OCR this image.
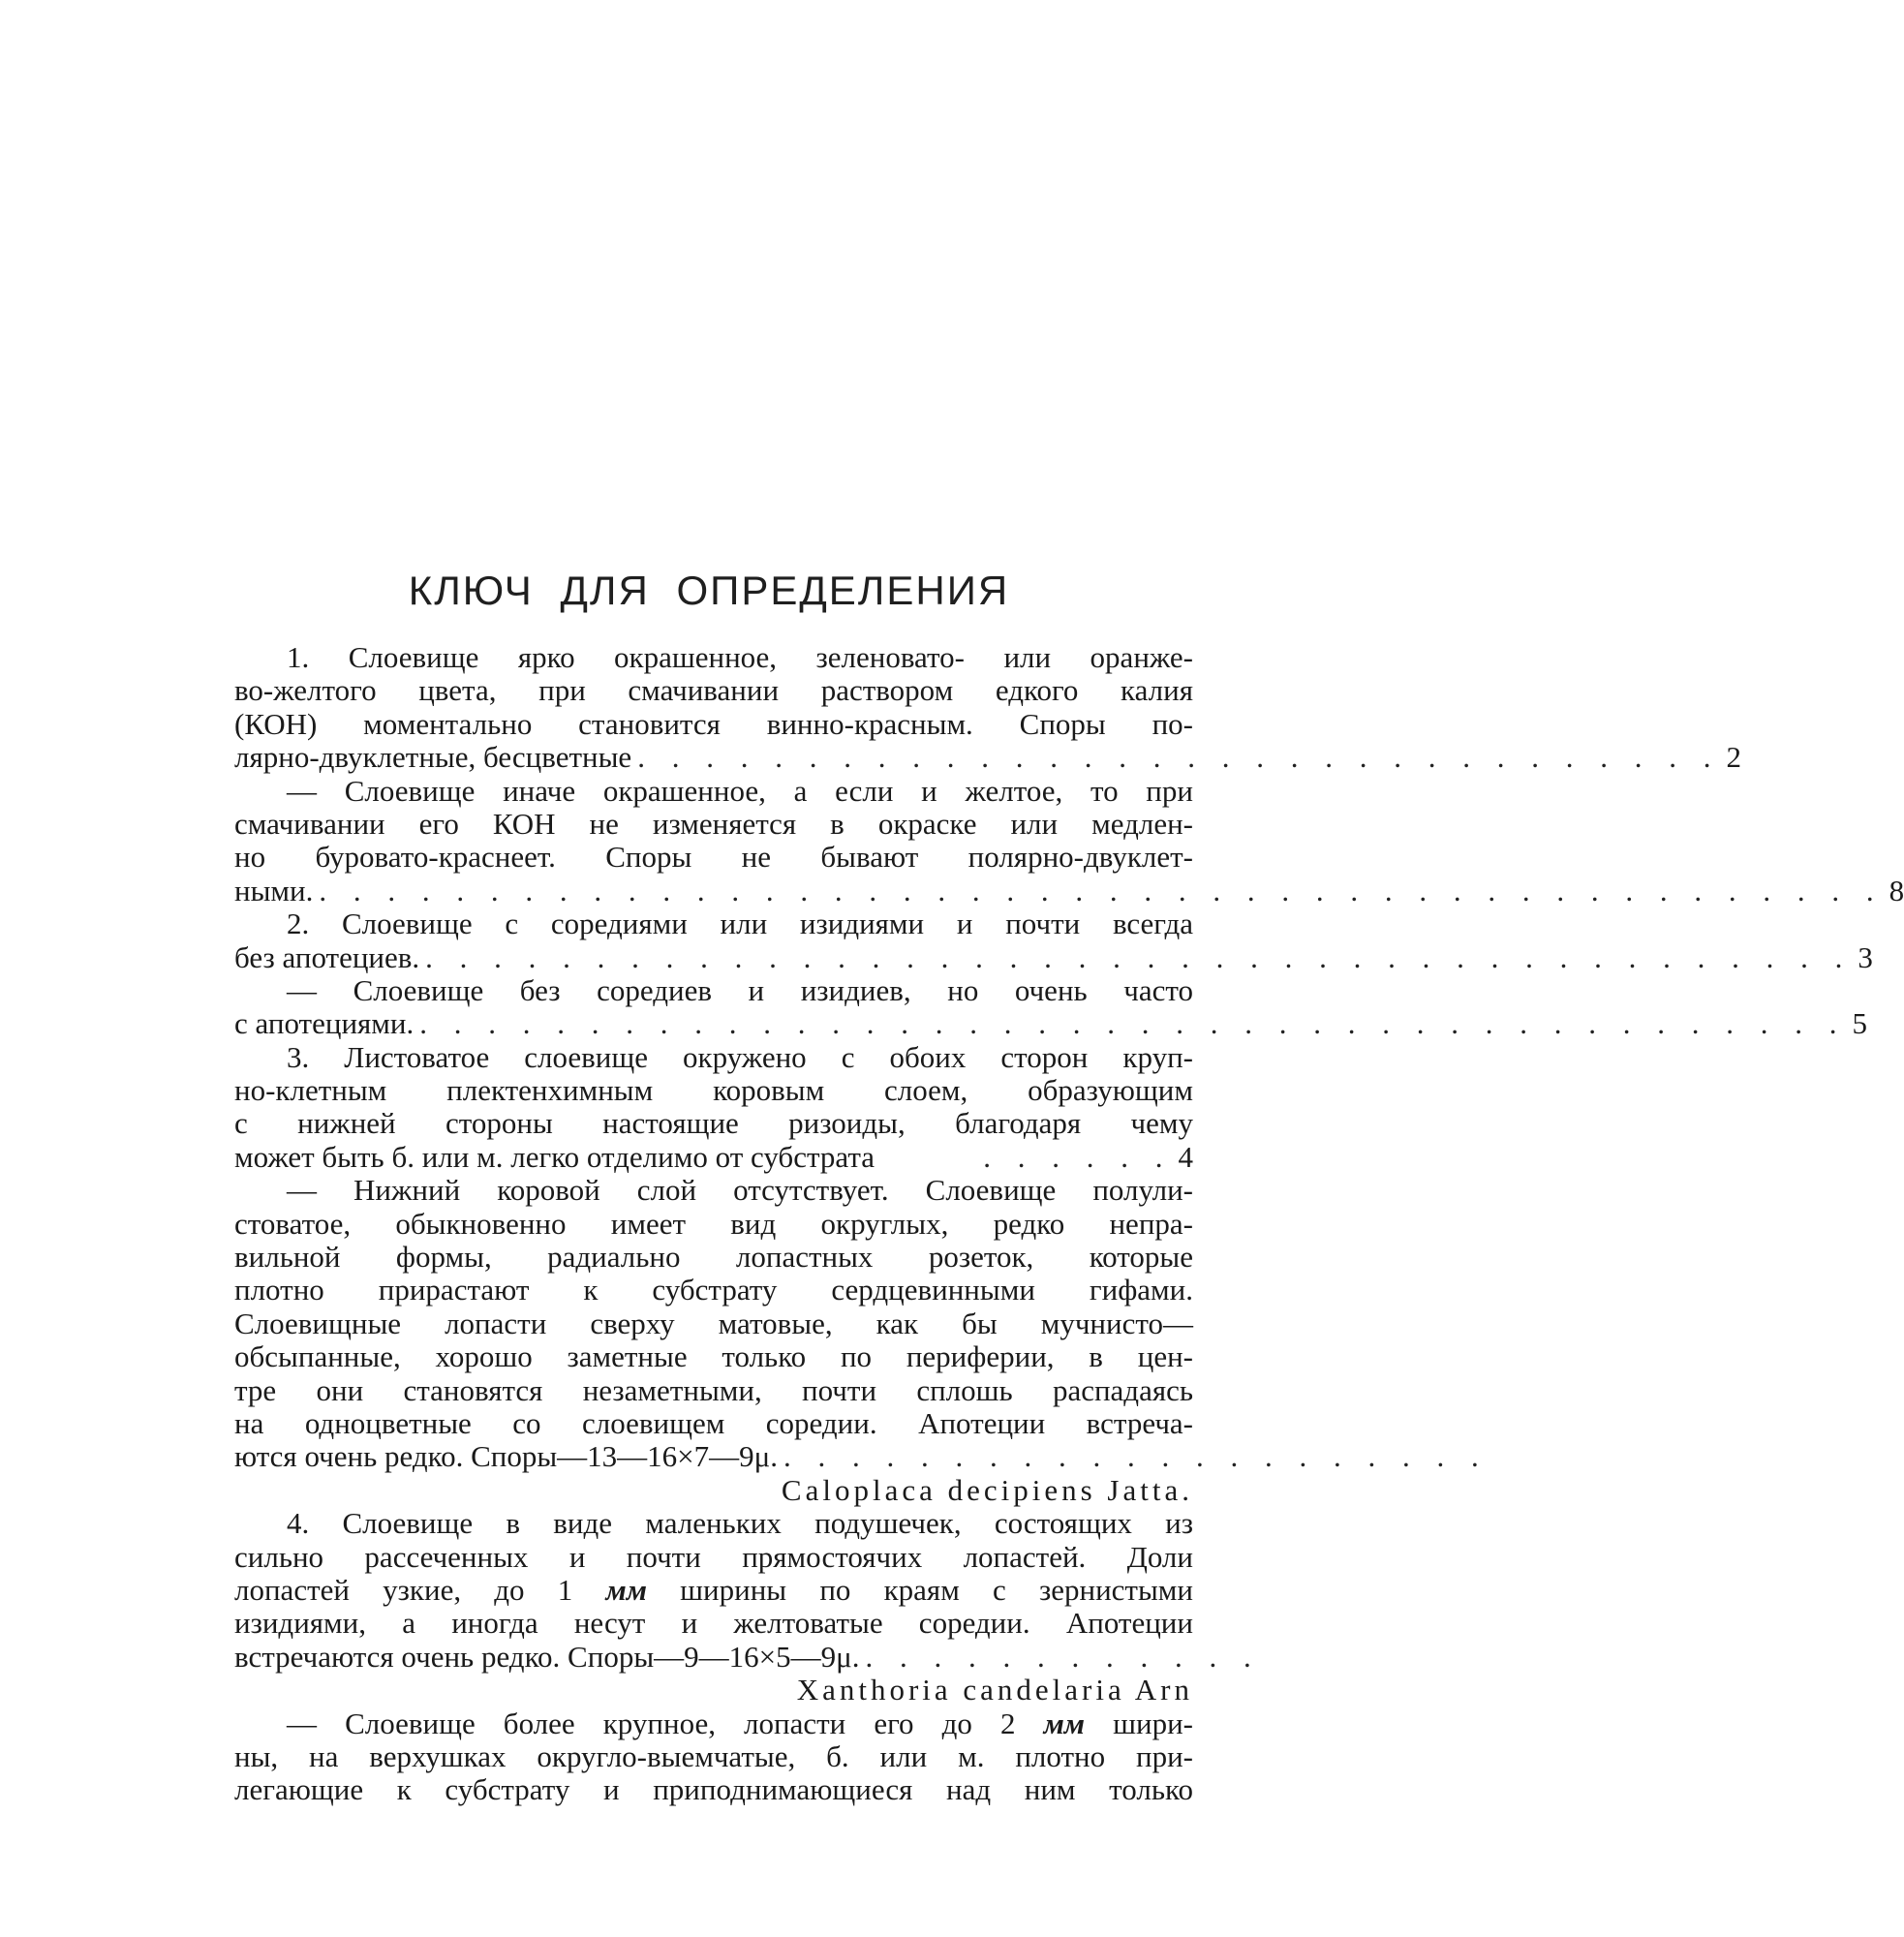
КЛЮЧ ДЛЯ ОПРЕДЕЛЕНИЯ
1. Слоевище ярко окрашенное, зеленовато- или оранже-
во-желтого цвета, при смачивании раствором едкого калия
(КОН) моментально становится винно-красным. Споры по-
лярно-двуклетные, бесцветные . . . . . . . . . . . . . . . . . . . . . . . . . . . . . . . . 2
— Слоевище иначе окрашенное, а если и желтое, то при
смачивании его КОН не изменяется в окраске или медлен-
но буровато-краснеет. Споры не бывают полярно-двуклет-
ными. . . . . . . . . . . . . . . . . . . . . . . . . . . . . . . . . . . . . . . . . . . . . . . 8
2. Слоевище с соредиями или изидиями и почти всегда
без апотециев. . . . . . . . . . . . . . . . . . . . . . . . . . . . . . . . . . . . . . . . . . . 3
— Слоевище без соредиев и изидиев, но очень часто
с апотециями. . . . . . . . . . . . . . . . . . . . . . . . . . . . . . . . . . . . . . . . . . . 5
3. Листоватое слоевище окружено с обоих сторон круп-
но-клетным плектенхимным коровым слоем, образующим
с нижней стороны настоящие ризоиды, благодаря чему
может быть б. или м. легко отделимо от субстрата	. . . . . . 4
— Нижний коровой слой отсутствует. Слоевище полули-
стоватое, обыкновенно имеет вид округлых, редко непра-
вильной формы, радиально лопастных розеток, которые
плотно прирастают к субстрату сердцевинными гифами.
Слоевищные лопасти сверху матовые, как бы мучнисто—
обсыпанные, хорошо заметные только по периферии, в цен-
тре они становятся незаметными, почти сплошь распадаясь
на одноцветные со слоевищем соредии. Апотеции встреча-
ются очень редко. Споры—13—16×7—9μ. . . . . . . . . . . . . . . . . . . . . .
Caloplaca decipiens Jatta.
4. Слоевище в виде маленьких подушечек, состоящих из
сильно рассеченных и почти прямостоячих лопастей. Доли
лопастей узкие, до 1 мм ширины по краям с зернистыми
изидиями, а иногда несут и желтоватые соредии. Апотеции
встречаются очень редко. Споры—9—16×5—9μ. . . . . . . . . . . . .
Xanthoria candelaria Arn
— Слоевище более крупное, лопасти его до 2 мм шири-
ны, на верхушках округло-выемчатые, б. или м. плотно при-
легающие к субстрату и приподнимающиеся над ним только
